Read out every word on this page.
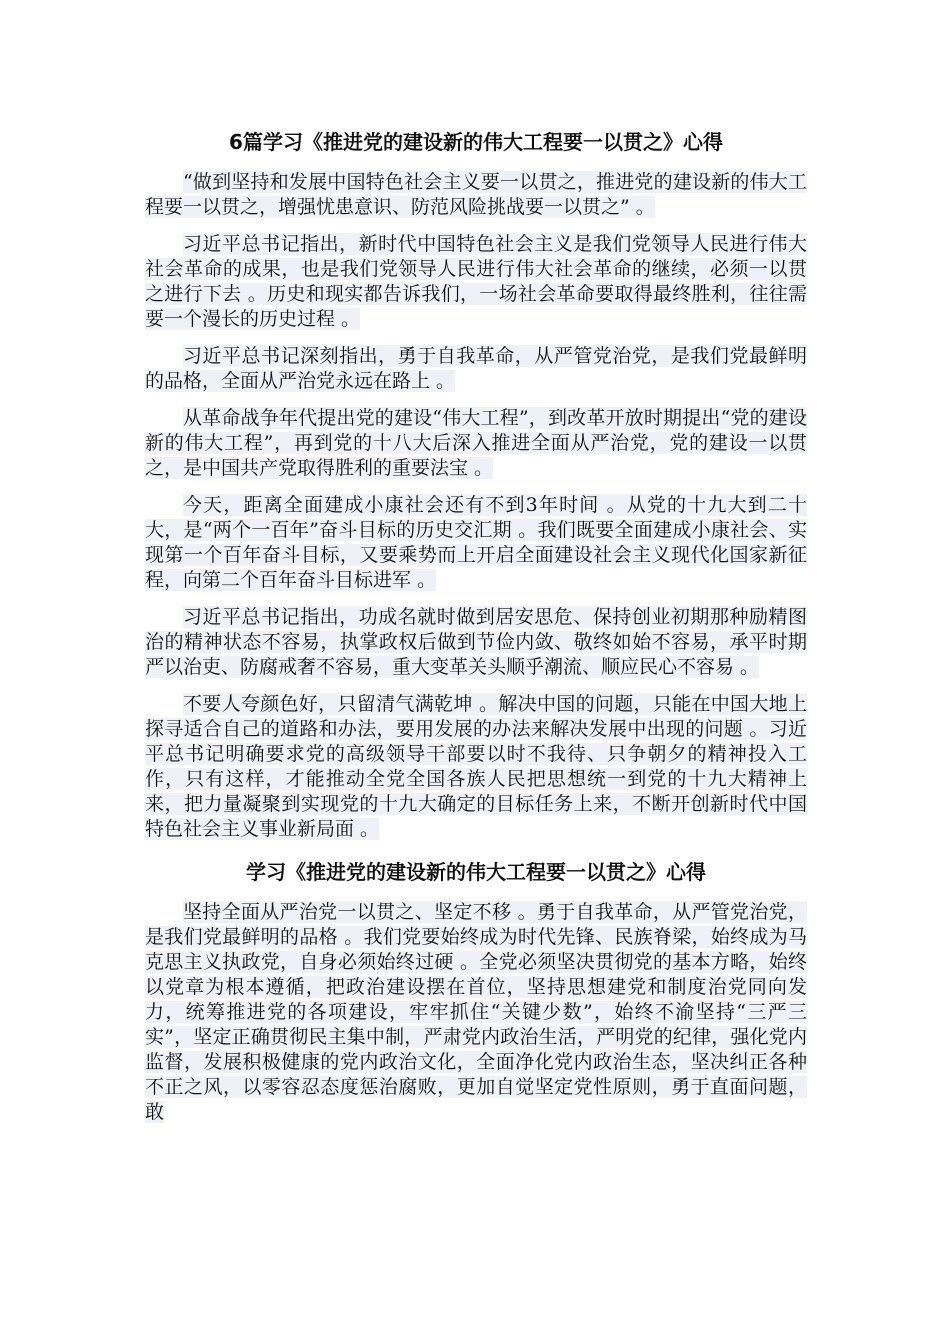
6篇学习《推进党的建设新的伟大工程要一以贯之》心得

“做到坚持和发展中国特色社会主义要一以贯之，推进党的建设新的伟大工程要一以贯之，增强忧患意识、防范风险挑战要一以贯之” 。

习近平总书记指出，新时代中国特色社会主义是我们党领导人民进行伟大社会革命的成果，也是我们党领导人民进行伟大社会革命的继续，必须一以贯之进行下去 。历史和现实都告诉我们，一场社会革命要取得最终胜利，往往需要一个漫长的历史过程 。

习近平总书记深刻指出，勇于自我革命，从严管党治党，是我们党最鲜明的品格，全面从严治党永远在路上 。

从革命战争年代提出党的建设“伟大工程”，到改革开放时期提出“党的建设新的伟大工程”，再到党的十八大后深入推进全面从严治党，党的建设一以贯之，是中国共产党取得胜利的重要法宝 。

今天，距离全面建成小康社会还有不到3年时间 。从党的十九大到二十大，是“两个一百年”奋斗目标的历史交汇期 。我们既要全面建成小康社会、实现第一个百年奋斗目标，又要乘势而上开启全面建设社会主义现代化国家新征程，向第二个百年奋斗目标进军 。

习近平总书记指出，功成名就时做到居安思危、保持创业初期那种励精图治的精神状态不容易，执掌政权后做到节俭内敛、敬终如始不容易，承平时期严以治吏、防腐戒奢不容易，重大变革关头顺乎潮流、顺应民心不容易 。

不要人夸颜色好，只留清气满乾坤 。解决中国的问题，只能在中国大地上探寻适合自己的道路和办法，要用发展的办法来解决发展中出现的问题 。习近平总书记明确要求党的高级领导干部要以时不我待、只争朝夕的精神投入工作，只有这样，才能推动全党全国各族人民把思想统一到党的十九大精神上来，把力量凝聚到实现党的十九大确定的目标任务上来，不断开创新时代中国特色社会主义事业新局面 。

学习《推进党的建设新的伟大工程要一以贯之》心得

坚持全面从严治党一以贯之、坚定不移 。勇于自我革命，从严管党治党，是我们党最鲜明的品格 。我们党要始终成为时代先锋、民族脊梁，始终成为马克思主义执政党，自身必须始终过硬 。全党必须坚决贯彻党的基本方略，始终以党章为根本遵循，把政治建设摆在首位，坚持思想建党和制度治党同向发力，统筹推进党的各项建设，牢牢抓住“关键少数”，始终不渝坚持“三严三实”，坚定正确贯彻民主集中制，严肃党内政治生活，严明党的纪律，强化党内监督，发展积极健康的党内政治文化，全面净化党内政治生态，坚决纠正各种不正之风，以零容忍态度惩治腐败，更加自觉坚定党性原则，勇于直面问题，敢
